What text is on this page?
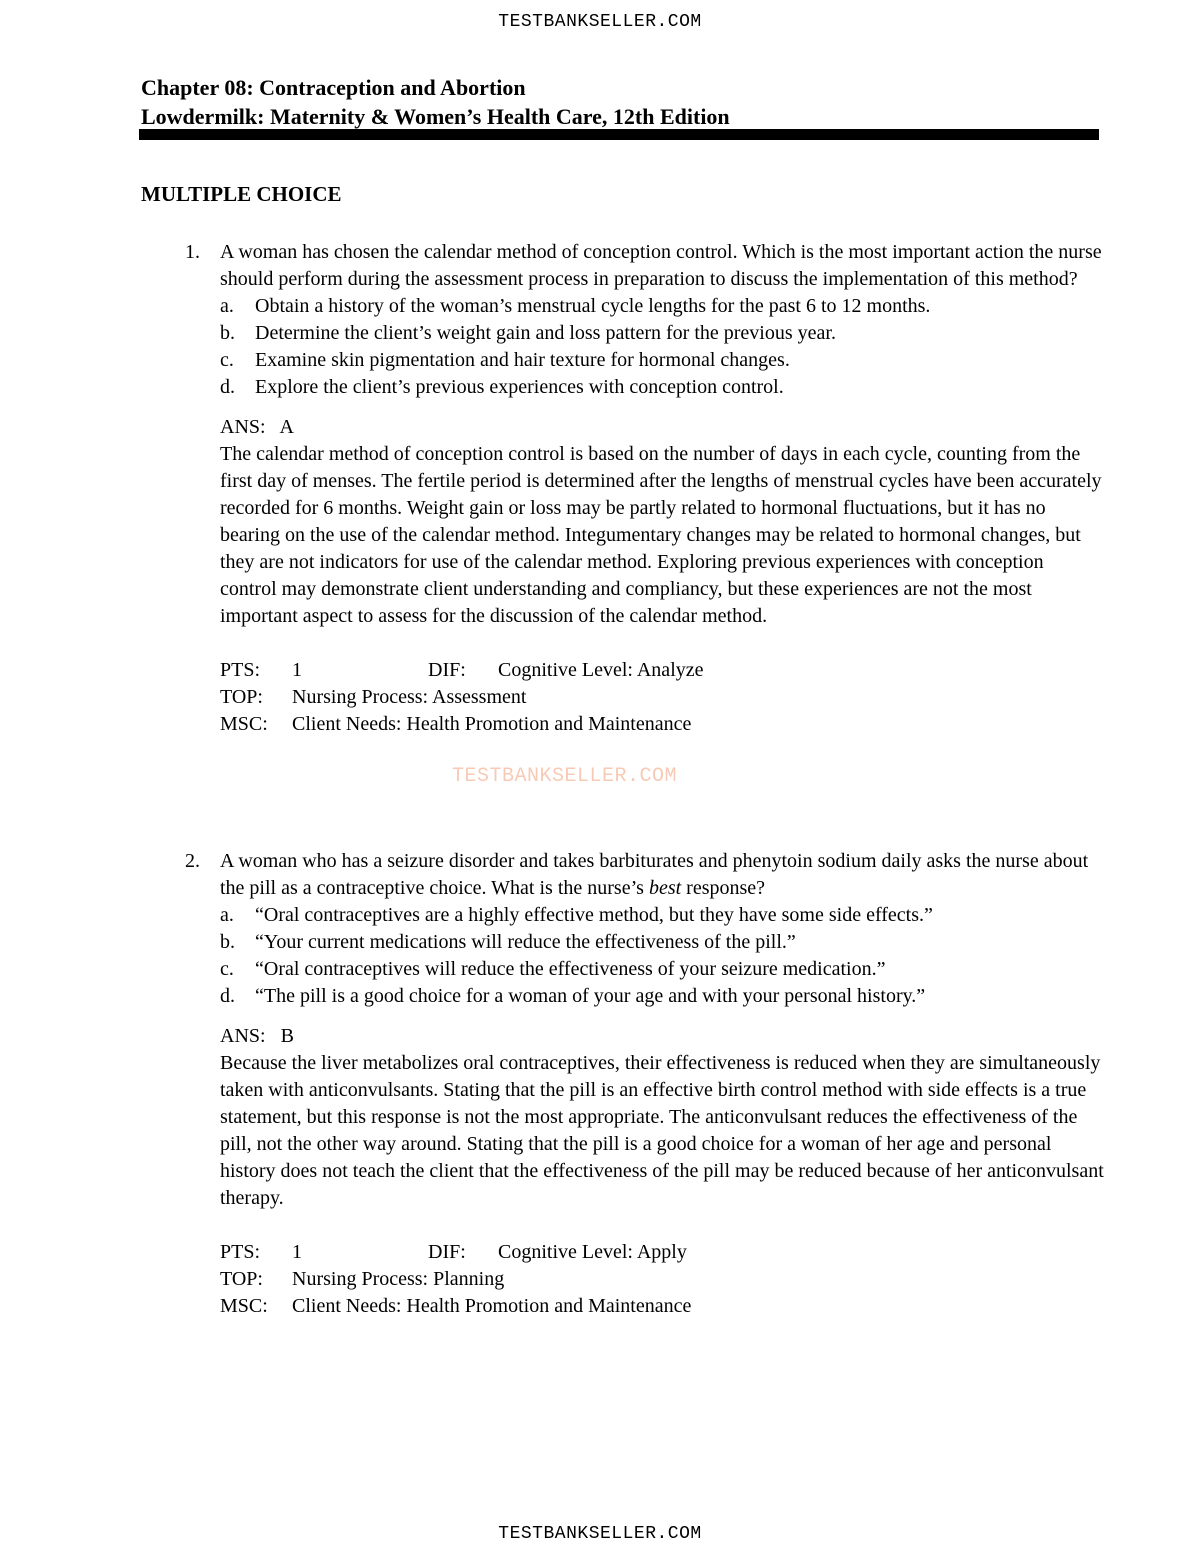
TESTBANKSELLER.COM
Chapter 08: Contraception and Abortion
Lowdermilk: Maternity & Women’s Health Care, 12th Edition
MULTIPLE CHOICE
1.	A woman has chosen the calendar method of conception control. Which is the most important action the nurse should perform during the assessment process in preparation to discuss the implementation of this method?
a.	Obtain a history of the woman’s menstrual cycle lengths for the past 6 to 12 months.
b.	Determine the client’s weight gain and loss pattern for the previous year.
c.	Examine skin pigmentation and hair texture for hormonal changes.
d.	Explore the client’s previous experiences with conception control.
ANS: A
The calendar method of conception control is based on the number of days in each cycle, counting from the first day of menses. The fertile period is determined after the lengths of menstrual cycles have been accurately recorded for 6 months. Weight gain or loss may be partly related to hormonal fluctuations, but it has no bearing on the use of the calendar method. Integumentary changes may be related to hormonal changes, but they are not indicators for use of the calendar method. Exploring previous experiences with conception control may demonstrate client understanding and compliancy, but these experiences are not the most important aspect to assess for the discussion of the calendar method.
PTS:	1	DIF:	Cognitive Level: Analyze
TOP:	Nursing Process: Assessment
MSC:	Client Needs: Health Promotion and Maintenance
2.	A woman who has a seizure disorder and takes barbiturates and phenytoin sodium daily asks the nurse about the pill as a contraceptive choice. What is the nurse’s best response?
a.	“Oral contraceptives are a highly effective method, but they have some side effects.”
b.	“Your current medications will reduce the effectiveness of the pill.”
c.	“Oral contraceptives will reduce the effectiveness of your seizure medication.”
d.	“The pill is a good choice for a woman of your age and with your personal history.”
ANS: B
Because the liver metabolizes oral contraceptives, their effectiveness is reduced when they are simultaneously taken with anticonvulsants. Stating that the pill is an effective birth control method with side effects is a true statement, but this response is not the most appropriate. The anticonvulsant reduces the effectiveness of the pill, not the other way around. Stating that the pill is a good choice for a woman of her age and personal history does not teach the client that the effectiveness of the pill may be reduced because of her anticonvulsant therapy.
PTS:	1	DIF:	Cognitive Level: Apply
TOP:	Nursing Process: Planning
MSC:	Client Needs: Health Promotion and Maintenance
TESTBANKSELLER.COM
TESTBANKSELLER.COM
